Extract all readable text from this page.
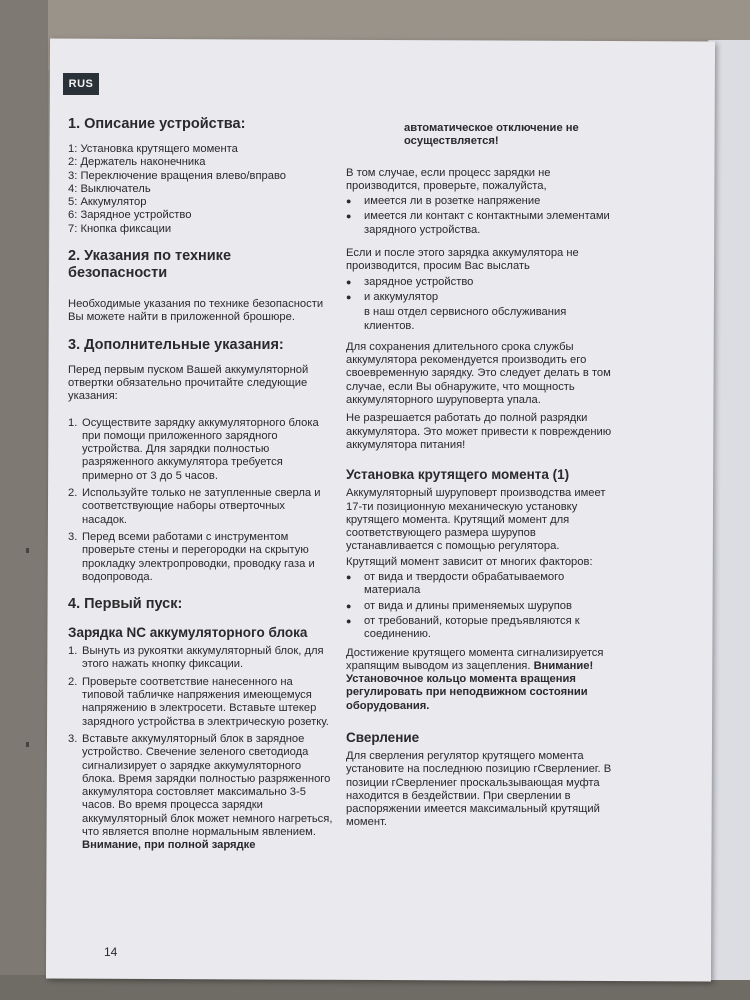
RUS
1. Описание устройства:
1: Установка крутящего момента
2: Держатель наконечника
3: Переключение вращения влево/вправо
4: Выключатель
5: Аккумулятор
6: Зарядное устройство
7: Кнопка фиксации
2. Указания по технике безопасности

Необходимые указания по технике безопасности Вы можете найти в приложенной брошюре.

3. Дополнительные указания:

Перед первым пуском Вашей аккумуляторной отвертки обязательно прочитайте следующие указания:

1. Осуществите зарядку аккумуляторного блока при помощи приложенного зарядного устройства. Для зарядки полностью разряженного аккумулятора требуется примерно от 3 до 5 часов.
2. Используйте только не затупленные сверла и соответствующие наборы отверточных насадок.
3. Перед всеми работами с инструментом проверьте стены и перегородки на скрытую прокладку электропроводки, проводку газа и водопровода.
4. Первый пуск:
Зарядка NC аккумуляторного блока
1. Вынуть из рукоятки аккумуляторный блок, для этого нажать кнопку фиксации.
2. Проверьте соответствие нанесенного на типовой табличке напряжения имеющемуся напряжению в электросети. Вставьте штекер зарядного устройства в электрическую розетку.
3. Вставьте аккумуляторный блок в зарядное устройство. Свечение зеленого светодиода сигнализирует о зарядке аккумуляторного блока. Время зарядки полностью разряженного аккумулятора состовляет максимально 3-5 часов. Во время процесса зарядки аккумуляторный блок может немного нагреться, что является вполне нормальным явлением. Внимание, при полной зарядке
14

автоматическое отключение не осуществляется!

В том случае, если процесс зарядки не производится, проверьте, пожалуйста,

●	имеется ли в розетке напряжение
●	имеется ли контакт с контактными элементами зарядного устройства.

Если и после этого зарядка аккумулятора не производится, просим Вас выслать

●	зарядное устройство
●	и аккумулятор

в наш отдел сервисного обслуживания клиентов.

Для сохранения длительного срока службы аккумулятора рекомендуется производить его своевременную зарядку. Это следует делать в том случае, если Вы обнаружите, что мощность аккумуляторного шуруповерта упала.

Не разрешается работать до полной разрядки аккумулятора. Это может привести к повреждению аккумулятора питания!

Установка крутящего момента (1)

Аккумуляторный шуруповерт производства имеет 17-ти позиционную механическую установку крутящего момента. Крутящий момент для соответствующего размера шурупов устанавливается с помощью регулятора.

Крутящий момент зависит от многих факторов:

●	от вида и твердости обрабатываемого материала
●	от вида и длины применяемых шурупов
●	от требований, которые предъявляются к соединению.

Достижение крутящего момента сигнализируется храпящим выводом из зацепления. Внимание! Установочное кольцо момента вращения регулировать при неподвижном состоянии оборудования.

Сверление

Для сверления регулятор крутящего момента установите на последнюю позицию гСверлениег. В позиции гСверлениег проскальзывающая муфта находится в бездействии. При сверлении в распоряжении имеется максимальный крутящий момент.
